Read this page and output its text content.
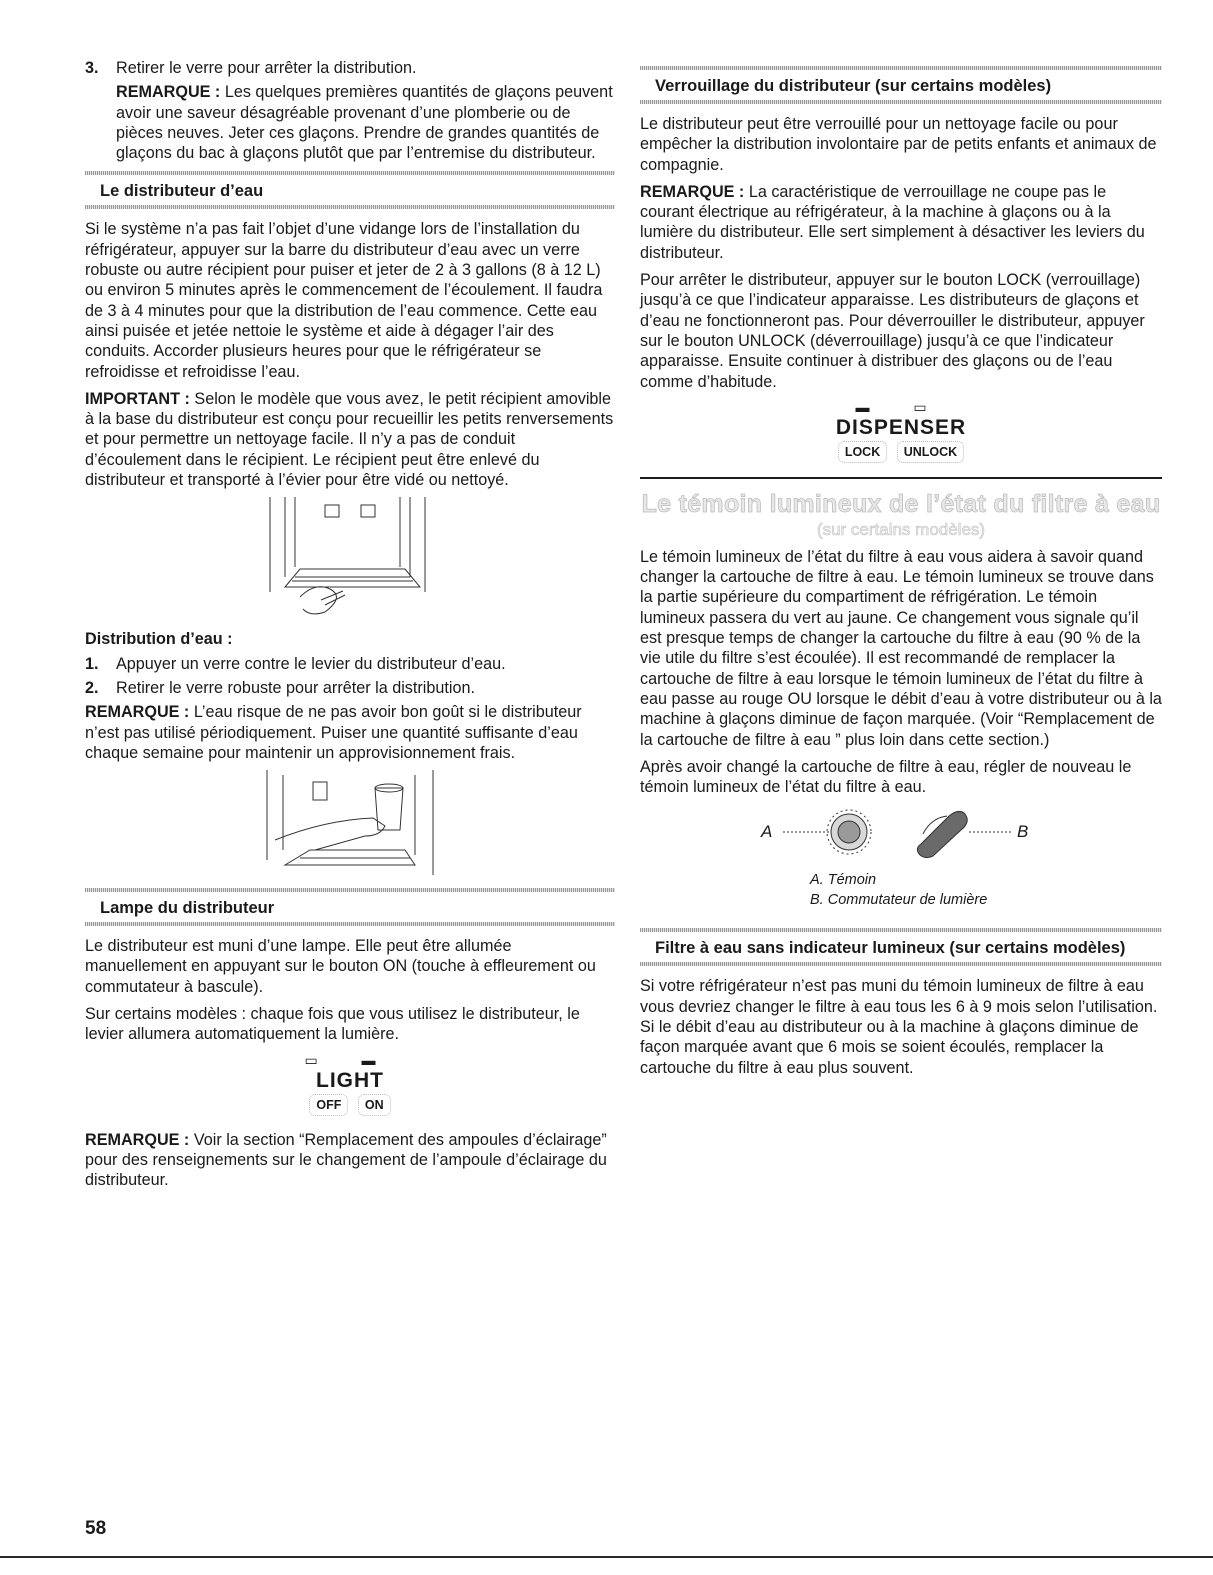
3.	Retirer le verre pour arrêter la distribution.

REMARQUE : Les quelques premières quantités de glaçons peuvent avoir une saveur désagréable provenant d’une plomberie ou de pièces neuves. Jeter ces glaçons. Prendre de grandes quantités de glaçons du bac à glaçons plutôt que par l’entremise du distributeur.

Le distributeur d’eau

Si le système n’a pas fait l’objet d’une vidange lors de l’installation du réfrigérateur, appuyer sur la barre du distributeur d’eau avec un verre robuste ou autre récipient pour puiser et jeter de 2 à 3 gallons (8 à 12 L) ou environ 5 minutes après le commencement de l’écoulement. Il faudra de 3 à 4 minutes pour que la distribution de l’eau commence. Cette eau ainsi puisée et jetée nettoie le système et aide à dégager l’air des conduits. Accorder plusieurs heures pour que le réfrigérateur se refroidisse et refroidisse l’eau.

IMPORTANT : Selon le modèle que vous avez, le petit récipient amovible à la base du distributeur est conçu pour recueillir les petits renversements et pour permettre un nettoyage facile. Il n’y a pas de conduit d’écoulement dans le récipient. Le récipient peut être enlevé du distributeur et transporté à l’évier pour être vidé ou nettoyé.

Distribution d’eau :

1.	Appuyer un verre contre le levier du distributeur d’eau.
2.	Retirer le verre robuste pour arrêter la distribution.

REMARQUE : L’eau risque de ne pas avoir bon goût si le distributeur n’est pas utilisé périodiquement. Puiser une quantité suffisante d’eau chaque semaine pour maintenir un approvisionnement frais.

Lampe du distributeur

Le distributeur est muni d’une lampe. Elle peut être allumée manuellement en appuyant sur le bouton ON (touche à effleurement ou commutateur à bascule).

Sur certains modèles : chaque fois que vous utilisez le distributeur, le levier allumera automatiquement la lumière.

▭ ▬
LIGHT
OFF ON

REMARQUE : Voir la section “Remplacement des ampoules d’éclairage” pour des renseignements sur le changement de l’ampoule d’éclairage du distributeur.

Verrouillage du distributeur (sur certains modèles)

Le distributeur peut être verrouillé pour un nettoyage facile ou pour empêcher la distribution involontaire par de petits enfants et animaux de compagnie.

REMARQUE : La caractéristique de verrouillage ne coupe pas le courant électrique au réfrigérateur, à la machine à glaçons ou à la lumière du distributeur. Elle sert simplement à désactiver les leviers du distributeur.

Pour arrêter le distributeur, appuyer sur le bouton LOCK (verrouillage) jusqu’à ce que l’indicateur apparaisse. Les distributeurs de glaçons et d’eau ne fonctionneront pas. Pour déverrouiller le distributeur, appuyer sur le bouton UNLOCK (déverrouillage) jusqu’à ce que l’indicateur apparaisse. Ensuite continuer à distribuer des glaçons ou de l’eau comme d’habitude.

▬ ▭
DISPENSER
LOCK UNLOCK
Le témoin lumineux de l’état du filtre à eau
(sur certains modèles)

Le témoin lumineux de l’état du filtre à eau vous aidera à savoir quand changer la cartouche de filtre à eau. Le témoin lumineux se trouve dans la partie supérieure du compartiment de réfrigération. Le témoin lumineux passera du vert au jaune. Ce changement vous signale qu’il est presque temps de changer la cartouche du filtre à eau (90 % de la vie utile du filtre s’est écoulée). Il est recommandé de remplacer la cartouche de filtre à eau lorsque le témoin lumineux de l’état du filtre à eau passe au rouge OU lorsque le débit d’eau à votre distributeur ou à la machine à glaçons diminue de façon marquée. (Voir “Remplacement de la cartouche de filtre à eau ” plus loin dans cette section.)

Après avoir changé la cartouche de filtre à eau, régler de nouveau le témoin lumineux de l’état du filtre à eau.

A	B
A. Témoin
B. Commutateur de lumière
Filtre à eau sans indicateur lumineux (sur certains modèles)

Si votre réfrigérateur n’est pas muni du témoin lumineux de filtre à eau vous devriez changer le filtre à eau tous les 6 à 9 mois selon l’utilisation. Si le débit d’eau au distributeur ou à la machine à glaçons diminue de façon marquée avant que 6 mois se soient écoulés, remplacer la cartouche du filtre à eau plus souvent.

58
